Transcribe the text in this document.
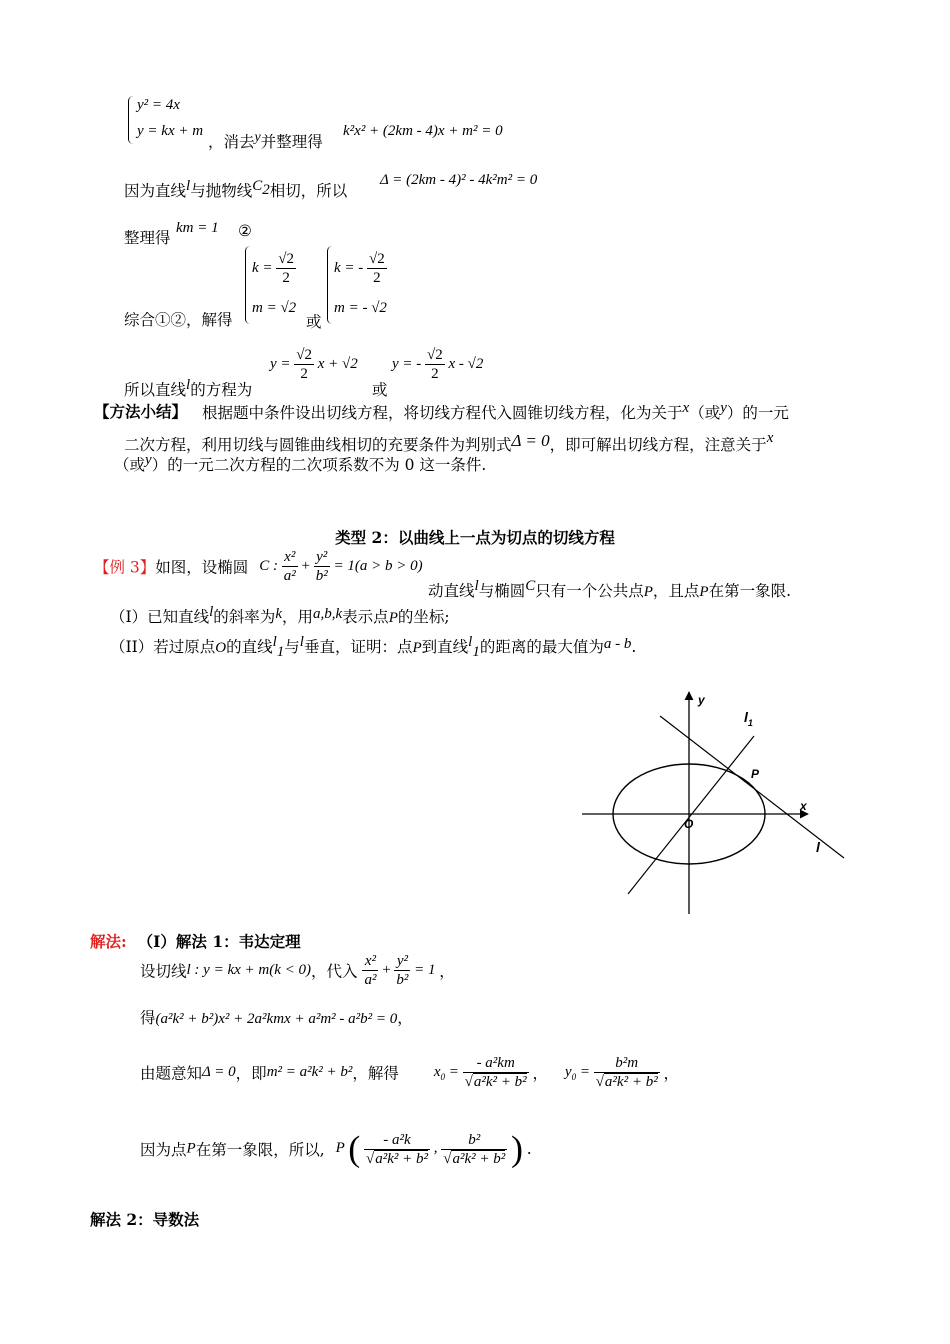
y² = 4x
y = kx + m
，消去y并整理得
k²x² + (2km - 4)x + m² = 0
因为直线l与抛物线$C_2$相切，所以
Δ = (2km - 4)² - 4k²m² = 0
整理得
km = 1 ②
综合①②，解得
$k = \frac{√2}{2}$
m = √2
或
k = - $\frac{√2}{2}$
m = - √2
所以直线l的方程为
$y = \frac{√2}{2}$ x + √2
或
y = - $\frac{√2}{2}$ x - √2
【方法小结】 根据题中条件设出切线方程，将切线方程代入圆锥切线方程，化为关于x（或y）的一元
二次方程，利用切线与圆锥曲线相切的充要条件为判别式Δ = 0，即可解出切线方程，注意关于x
（或y）的一元二次方程的二次项系数不为 0 这一条件.
类型 2：以曲线上一点为切点的切线方程
【例 3】如图，设椭圆 C : $\frac{\text{x²}}{\text{a²}} + \frac{\text{y²}}{\text{b²}} = 1(a > b > 0)$
动直线l与椭圆C只有一个公共点P，且点P在第一象限.
（I）已知直线l的斜率为k，用a,b,k表示点P的坐标;
（II）若过原点O的直线$l_1$与l垂直，证明：点P到直线$l_1$的距离的最大值为a - b.
y
x
O
P
l
$l_1$
解法: （Ⅰ）解法 1：韦达定理
设切线l : y = kx + m(k < 0)，代入 $\frac{\text{x²}}{\text{a²}} + \frac{\text{y²}}{\text{b²}} = 1$ ，
得(a²k² + b²)x² + 2a²kmx + a²m² - a²b² = 0，
由题意知Δ = 0，即m² = a²k² + b²，解得 $x_0 = \frac{\text{- a²km}}{\text{√a²k² + b²}}$ ， $y_0 = \frac{\text{b²m}}{\text{√a²k² + b²}}$ ，
因为点P在第一象限，所以, P ( $\frac{\text{- a²k}}{\text{√a²k² + b²}}$ , $\frac{\text{b²}}{\text{√a²k² + b²}}$ ) .
解法 2：导数法
